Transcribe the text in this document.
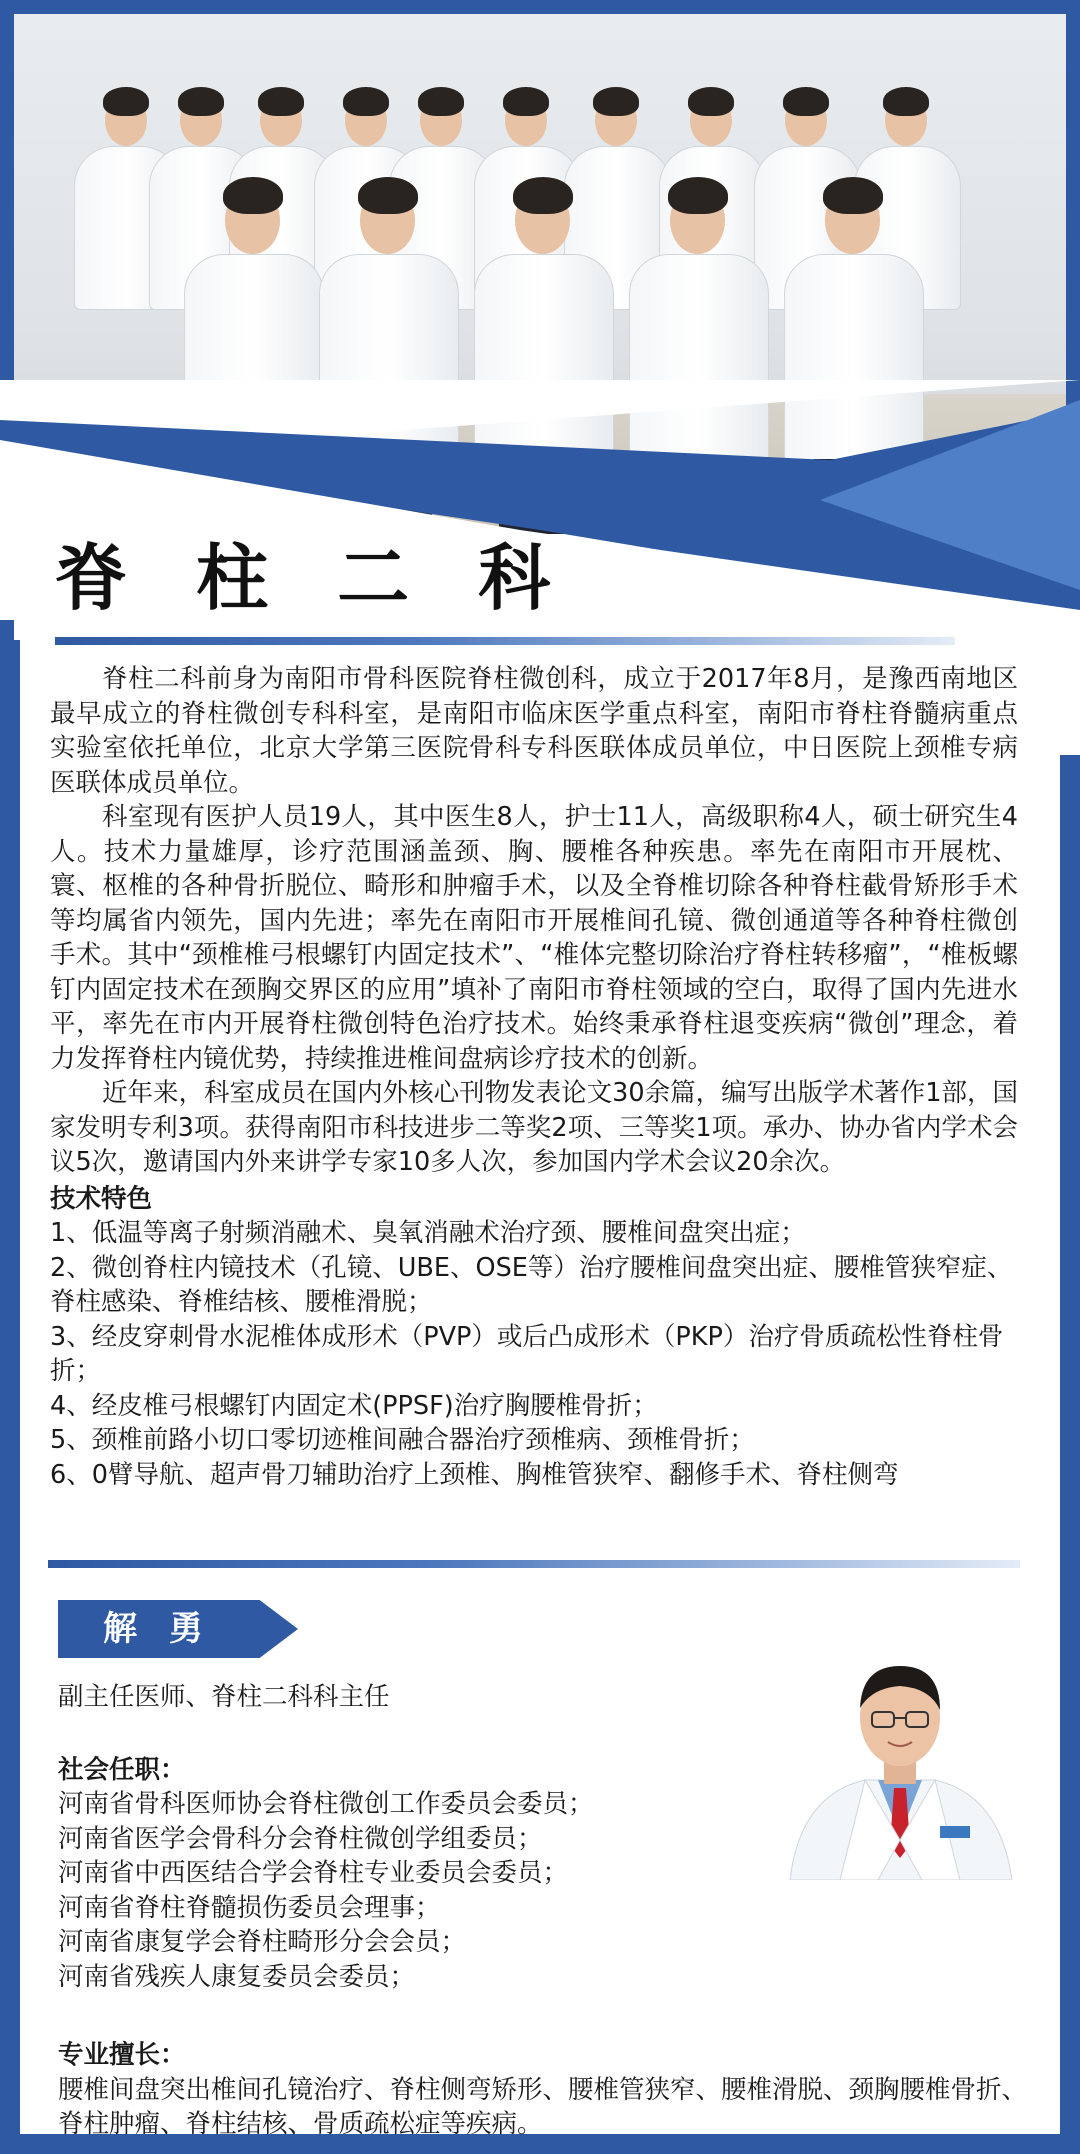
脊 柱 二 科

脊柱二科前身为南阳市骨科医院脊柱微创科，成立于2017年8月，是豫西南地区最早成立的脊柱微创专科科室，是南阳市临床医学重点科室，南阳市脊柱脊髓病重点实验室依托单位，北京大学第三医院骨科专科医联体成员单位，中日医院上颈椎专病医联体成员单位。

科室现有医护人员19人，其中医生8人，护士11人，高级职称4人，硕士研究生4人。技术力量雄厚，诊疗范围涵盖颈、胸、腰椎各种疾患。率先在南阳市开展枕、寰、枢椎的各种骨折脱位、畸形和肿瘤手术，以及全脊椎切除各种脊柱截骨矫形手术等均属省内领先，国内先进；率先在南阳市开展椎间孔镜、微创通道等各种脊柱微创手术。其中“颈椎椎弓根螺钉内固定技术”、“椎体完整切除治疗脊柱转移瘤”，“椎板螺钉内固定技术在颈胸交界区的应用”填补了南阳市脊柱领域的空白，取得了国内先进水平，率先在市内开展脊柱微创特色治疗技术。始终秉承脊柱退变疾病“微创”理念，着力发挥脊柱内镜优势，持续推进椎间盘病诊疗技术的创新。

近年来，科室成员在国内外核心刊物发表论文30余篇，编写出版学术著作1部，国家发明专利3项。获得南阳市科技进步二等奖2项、三等奖1项。承办、协办省内学术会议5次，邀请国内外来讲学专家10多人次，参加国内学术会议20余次。

技术特色
1、低温等离子射频消融术、臭氧消融术治疗颈、腰椎间盘突出症；
2、微创脊柱内镜技术（孔镜、UBE、OSE等）治疗腰椎间盘突出症、腰椎管狭窄症、脊柱感染、脊椎结核、腰椎滑脱；
3、经皮穿刺骨水泥椎体成形术（PVP）或后凸成形术（PKP）治疗骨质疏松性脊柱骨折；
4、经皮椎弓根螺钉内固定术(PPSF)治疗胸腰椎骨折；
5、颈椎前路小切口零切迹椎间融合器治疗颈椎病、颈椎骨折；
6、0臂导航、超声骨刀辅助治疗上颈椎、胸椎管狭窄、翻修手术、脊柱侧弯
解 勇
副主任医师、脊柱二科科主任
社会任职：
河南省骨科医师协会脊柱微创工作委员会委员；
河南省医学会骨科分会脊柱微创学组委员；
河南省中西医结合学会脊柱专业委员会委员；
河南省脊柱脊髓损伤委员会理事；
河南省康复学会脊柱畸形分会会员；
河南省残疾人康复委员会委员；
专业擅长：
腰椎间盘突出椎间孔镜治疗、脊柱侧弯矫形、腰椎管狭窄、腰椎滑脱、颈胸腰椎骨折、脊柱肿瘤、脊柱结核、骨质疏松症等疾病。
